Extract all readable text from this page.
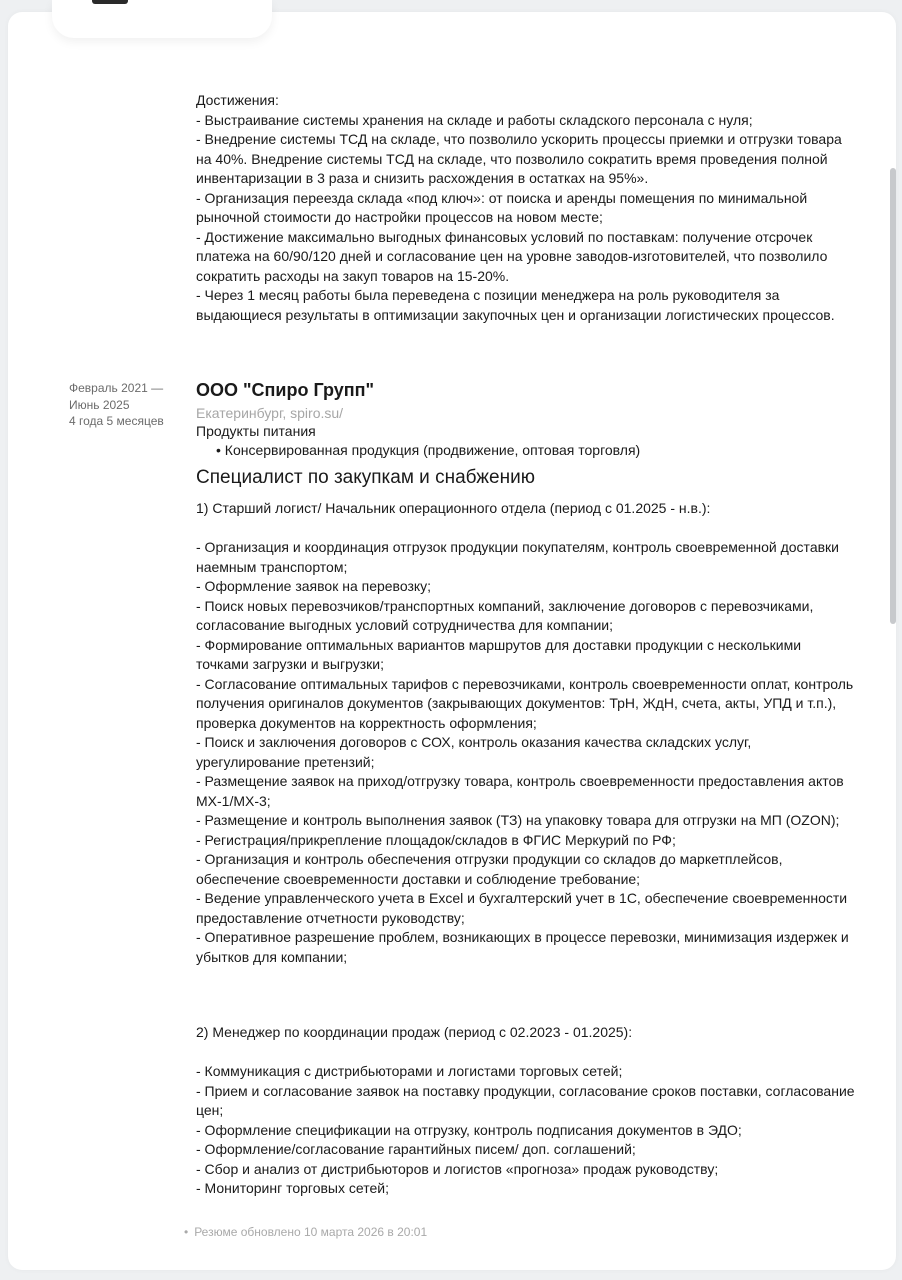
Достижения:
- Выстраивание системы хранения на складе и работы складского персонала с нуля;
- Внедрение системы ТСД на складе, что позволило ускорить процессы приемки и отгрузки товара на 40%. Внедрение системы ТСД на складе, что позволило сократить время проведения полной инвентаризации в 3 раза и снизить расхождения в остатках на 95%».
- Организация переезда склада «под ключ»: от поиска и аренды помещения по минимальной рыночной стоимости до настройки процессов на новом месте;
- Достижение максимально выгодных финансовых условий по поставкам: получение отсрочек платежа на 60/90/120 дней и согласование цен на уровне заводов-изготовителей, что позволило сократить расходы на закуп товаров на 15-20%.
- Через 1 месяц работы была переведена с позиции менеджера на роль руководителя за выдающиеся результаты в оптимизации закупочных цен и организации логистических процессов.
Февраль 2021 —
Июнь 2025
4 года 5 месяцев
ООО "Спиро Групп"
Екатеринбург, spiro.su/
Продукты питания
• Консервированная продукция (продвижение, оптовая торговля)
Специалист по закупкам и снабжению
1) Старший логист/ Начальник операционного отдела (период с 01.2025 - н.в.):
- Организация и координация отгрузок продукции покупателям, контроль своевременной доставки наемным транспортом;
- Оформление заявок на перевозку;
- Поиск новых перевозчиков/транспортных компаний, заключение договоров с перевозчиками, согласование выгодных условий сотрудничества для компании;
- Формирование оптимальных вариантов маршрутов для доставки продукции с несколькими точками загрузки и выгрузки;
- Согласование оптимальных тарифов с перевозчиками, контроль своевременности оплат, контроль получения оригиналов документов (закрывающих документов: ТрН, ЖдН, счета, акты, УПД и т.п.), проверка документов на корректность оформления;
- Поиск и заключения договоров с СОХ, контроль оказания качества складских услуг, урегулирование претензий;
- Размещение заявок на приход/отгрузку товара, контроль своевременности предоставления актов МХ-1/МХ-3;
- Размещение и контроль выполнения заявок (ТЗ) на упаковку товара для отгрузки на МП (OZON);
- Регистрация/прикрепление площадок/складов в ФГИС Меркурий по РФ;
- Организация и контроль обеспечения отгрузки продукции со складов до маркетплейсов, обеспечение своевременности доставки и соблюдение требование;
- Ведение управленческого учета в Excel и бухгалтерский учет в 1С, обеспечение своевременности предоставление отчетности руководству;
- Оперативное разрешение проблем, возникающих в процессе перевозки, минимизация издержек и убытков для компании;
2) Менеджер по координации продаж (период с 02.2023 - 01.2025):
- Коммуникация с дистрибьюторами и логистами торговых сетей;
- Прием и согласование заявок на поставку продукции, согласование сроков поставки, согласование цен;
- Оформление спецификации на отгрузку, контроль подписания документов в ЭДО;
- Оформление/согласование гарантийных писем/ доп. соглашений;
- Сбор и анализ от дистрибьюторов и логистов «прогноза» продаж руководству;
- Мониторинг торговых сетей;
• Резюме обновлено 10 марта 2026 в 20:01
